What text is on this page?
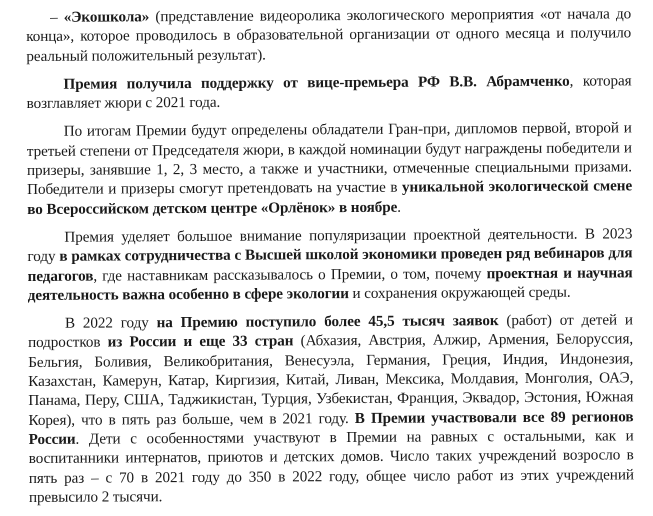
– «Экошкола» (представление видеоролика экологического мероприятия «от начала до конца», которое проводилось в образовательной организации от одного месяца и получило реальный положительный результат).

Премия получила поддержку от вице-премьера РФ В.В. Абрамченко, которая возглавляет жюри с 2021 года.

По итогам Премии будут определены обладатели Гран-при, дипломов первой, второй и третьей степени от Председателя жюри, в каждой номинации будут награждены победители и призеры, занявшие 1, 2, 3 место, а также и участники, отмеченные специальными призами. Победители и призеры смогут претендовать на участие в уникальной экологической смене во Всероссийском детском центре «Орлёнок» в ноябре.

Премия уделяет большое внимание популяризации проектной деятельности. В 2023 году в рамках сотрудничества с Высшей школой экономики проведен ряд вебинаров для педагогов, где наставникам рассказывалось о Премии, о том, почему проектная и научная деятельность важна особенно в сфере экологии и сохранения окружающей среды.

В 2022 году на Премию поступило более 45,5 тысяч заявок (работ) от детей и подростков из России и еще 33 стран (Абхазия, Австрия, Алжир, Армения, Белоруссия, Бельгия, Боливия, Великобритания, Венесуэла, Германия, Греция, Индия, Индонезия, Казахстан, Камерун, Катар, Киргизия, Китай, Ливан, Мексика, Молдавия, Монголия, ОАЭ, Панама, Перу, США, Таджикистан, Турция, Узбекистан, Франция, Эквадор, Эстония, Южная Корея), что в пять раз больше, чем в 2021 году. В Премии участвовали все 89 регионов России. Дети с особенностями участвуют в Премии на равных с остальными, как и воспитанники интернатов, приютов и детских домов. Число таких учреждений возросло в пять раз – с 70 в 2021 году до 350 в 2022 году, общее число работ из этих учреждений превысило 2 тысячи.
